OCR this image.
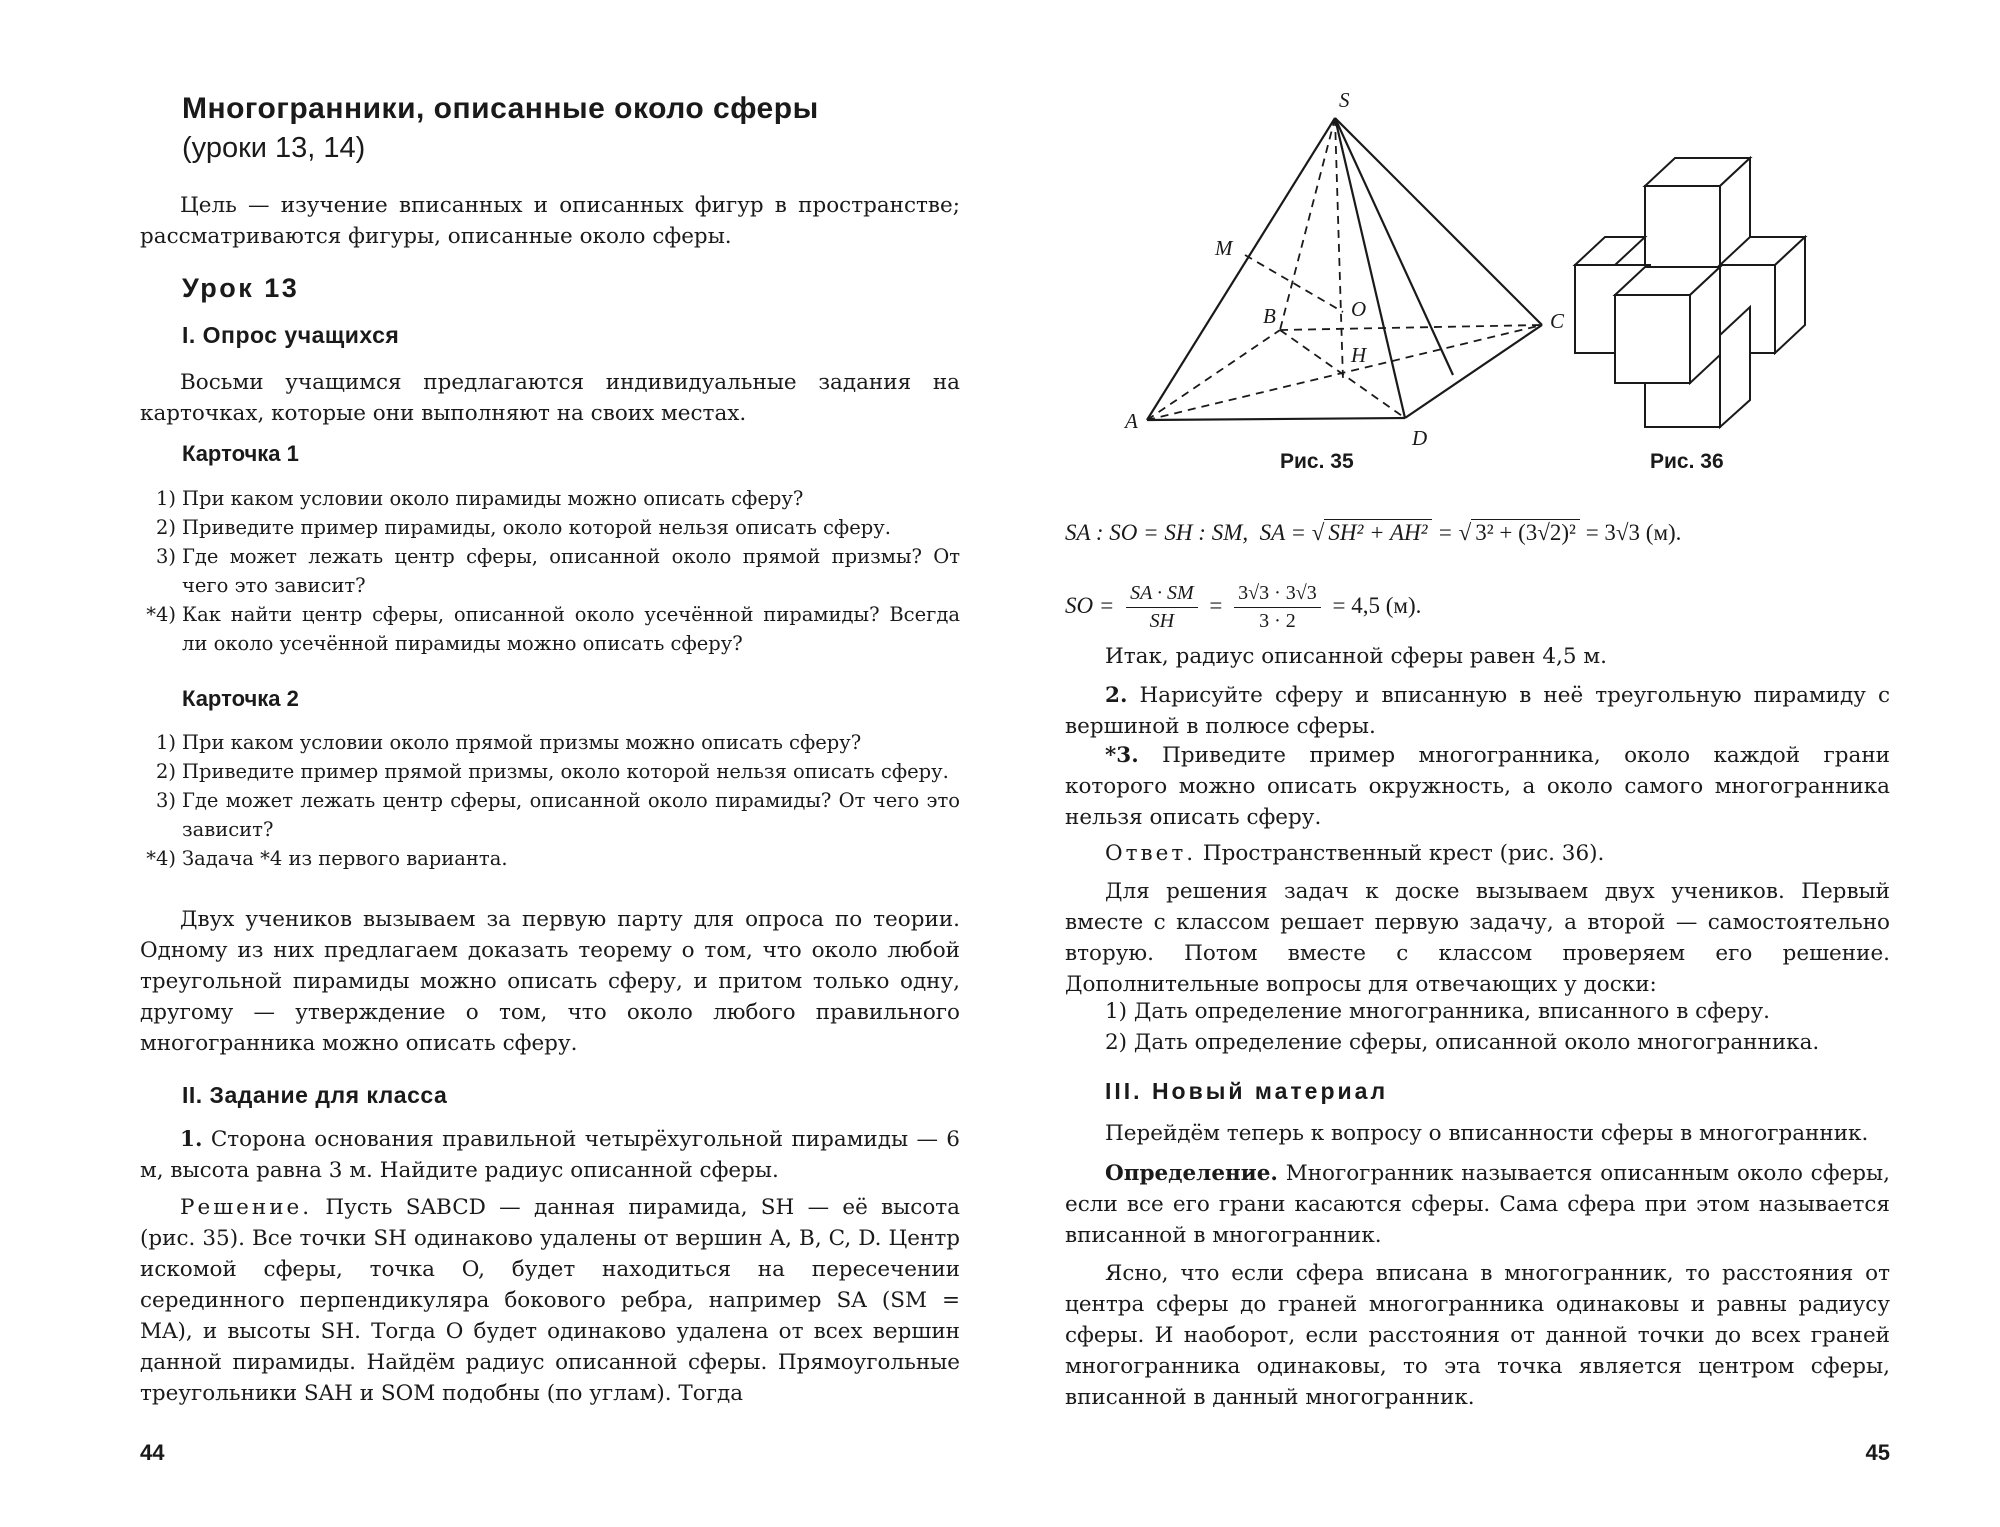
Многогранники, описанные около сферы
(уроки 13, 14)

Цель — изучение вписанных и описанных фигур в пространстве; рассматриваются фигуры, описанные около сферы.

Урок 13
I. Опрос учащихся

Восьми учащимся предлагаются индивидуальные задания на карточках, которые они выполняют на своих местах.

Карточка 1
1) При каком условии около пирамиды можно описать сферу?
2) Приведите пример пирамиды, около которой нельзя описать сферу.
3) Где может лежать центр сферы, описанной около прямой призмы? От чего это зависит?
*4) Как найти центр сферы, описанной около усечённой пирамиды? Всегда ли около усечённой пирамиды можно описать сферу?
Карточка 2
1) При каком условии около прямой призмы можно описать сферу?
2) Приведите пример прямой призмы, около которой нельзя описать сферу.
3) Где может лежать центр сферы, описанной около пирамиды? От чего это зависит?
*4) Задача *4 из первого варианта.

Двух учеников вызываем за первую парту для опроса по теории. Одному из них предлагаем доказать теорему о том, что около любой треугольной пирамиды можно описать сферу, и притом только одну, другому — утверждение о том, что около любого правильного многогранника можно описать сферу.

II. Задание для класса

1. Сторона основания правильной четырёхугольной пирамиды — 6 м, высота равна 3 м. Найдите радиус описанной сферы.

Решение. Пусть SABCD — данная пирамида, SH — её высота (рис. 35). Все точки SH одинаково удалены от вершин A, B, C, D. Центр искомой сферы, точка O, будет находиться на пересечении серединного перпендикуляра бокового ребра, например SA (SM = MA), и высоты SH. Тогда O будет одинаково удалена от всех вершин данной пирамиды. Найдём радиус описанной сферы. Прямоугольные треугольники SAH и SOM подобны (по углам). Тогда

44
S
M
B	O	C
H
A
D
Рис. 35	Рис. 36
SA : SO = SH : SM, SA = √ SH² + AH² = √ 3² + (3√2)² = 3√3 (м).
SO = $\frac{SA \cdot SM}{SH} = \frac{3√3 \cdot 3√3}{3 \cdot 2} = 4,5$ (м).

Итак, радиус описанной сферы равен 4,5 м.

2. Нарисуйте сферу и вписанную в неё треугольную пирамиду с вершиной в полюсе сферы.

*3. Приведите пример многогранника, около каждой грани которого можно описать окружность, а около самого многогранника нельзя описать сферу.

Ответ. Пространственный крест (рис. 36).

Для решения задач к доске вызываем двух учеников. Первый вместе с классом решает первую задачу, а второй — самостоятельно вторую. Потом вместе с классом проверяем его решение. Дополнительные вопросы для отвечающих у доски:

1) Дать определение многогранника, вписанного в сферу.
2) Дать определение сферы, описанной около многогранника.
III. Новый материал

Перейдём теперь к вопросу о вписанности сферы в многогранник.

Определение. Многогранник называется описанным около сферы, если все его грани касаются сферы. Сама сфера при этом называется вписанной в многогранник.

Ясно, что если сфера вписана в многогранник, то расстояния от центра сферы до граней многогранника одинаковы и равны радиусу сферы. И наоборот, если расстояния от данной точки до всех граней многогранника одинаковы, то эта точка является центром сферы, вписанной в данный многогранник.

45
